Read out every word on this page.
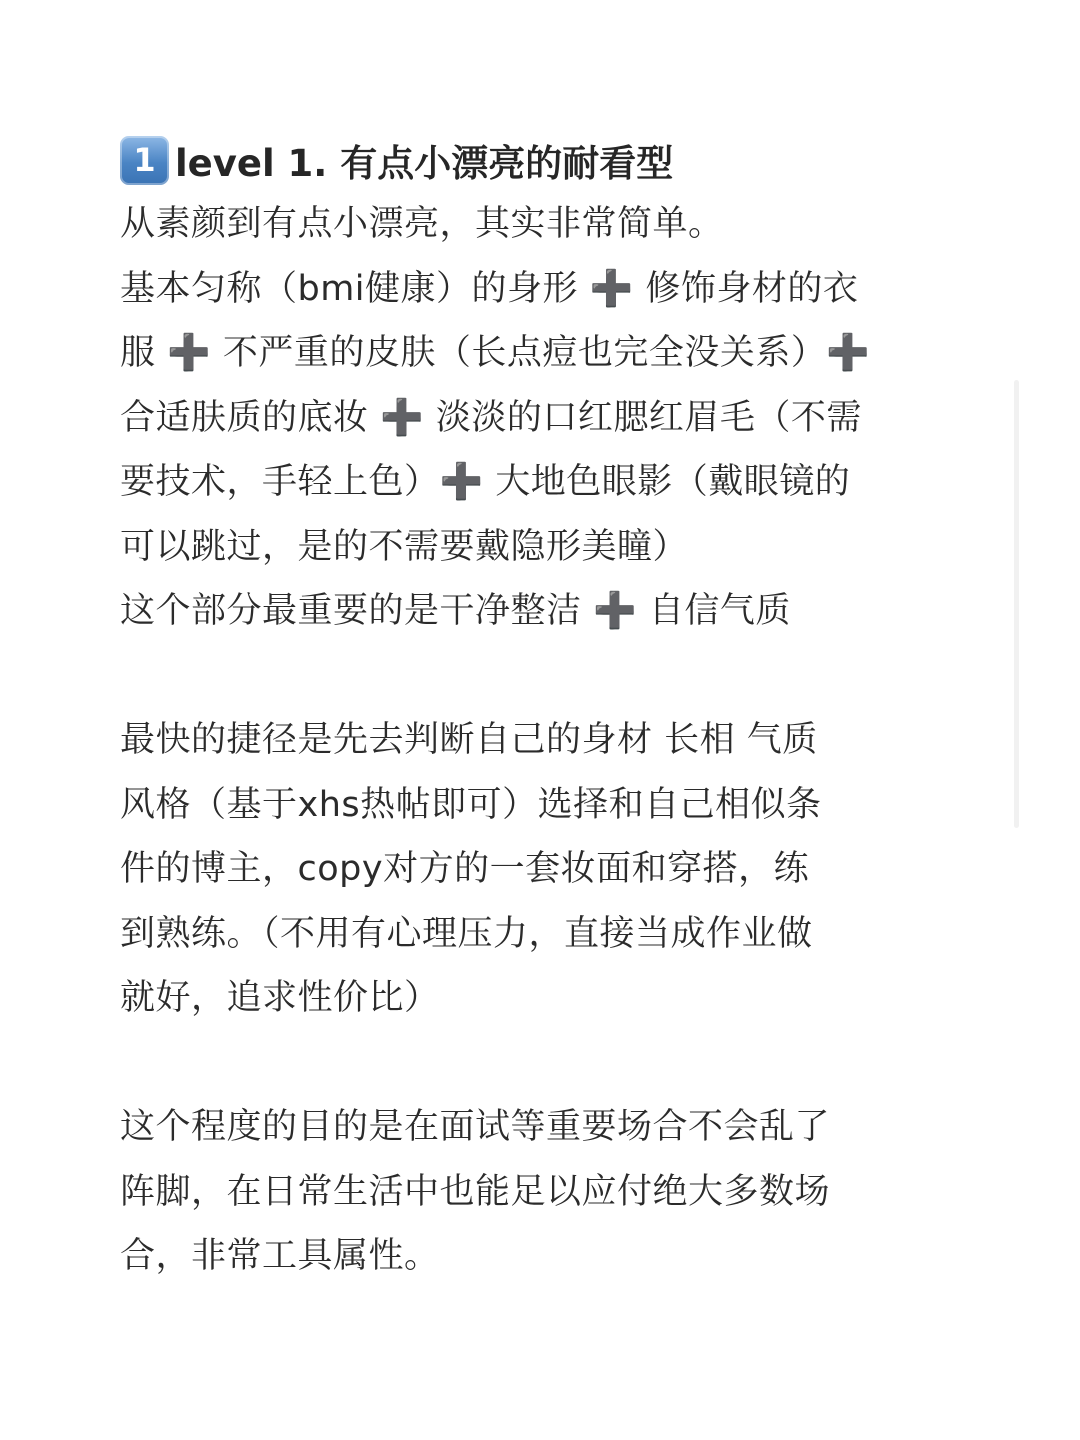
1 level 1. 有点小漂亮的耐看型
从素颜到有点小漂亮，其实非常简单。
基本匀称（bmi健康）的身形 ➕ 修饰身材的衣
服 ➕ 不严重的皮肤（长点痘也完全没关系）➕
合适肤质的底妆 ➕ 淡淡的口红腮红眉毛（不需
要技术，手轻上色）➕ 大地色眼影（戴眼镜的
可以跳过，是的不需要戴隐形美瞳）
这个部分最重要的是干净整洁 ➕ 自信气质
最快的捷径是先去判断自己的身材 长相 气质
风格（基于xhs热帖即可）选择和自己相似条
件的博主，copy对方的一套妆面和穿搭，练
到熟练。（不用有心理压力，直接当成作业做
就好，追求性价比）
这个程度的目的是在面试等重要场合不会乱了
阵脚，在日常生活中也能足以应付绝大多数场
合，非常工具属性。
